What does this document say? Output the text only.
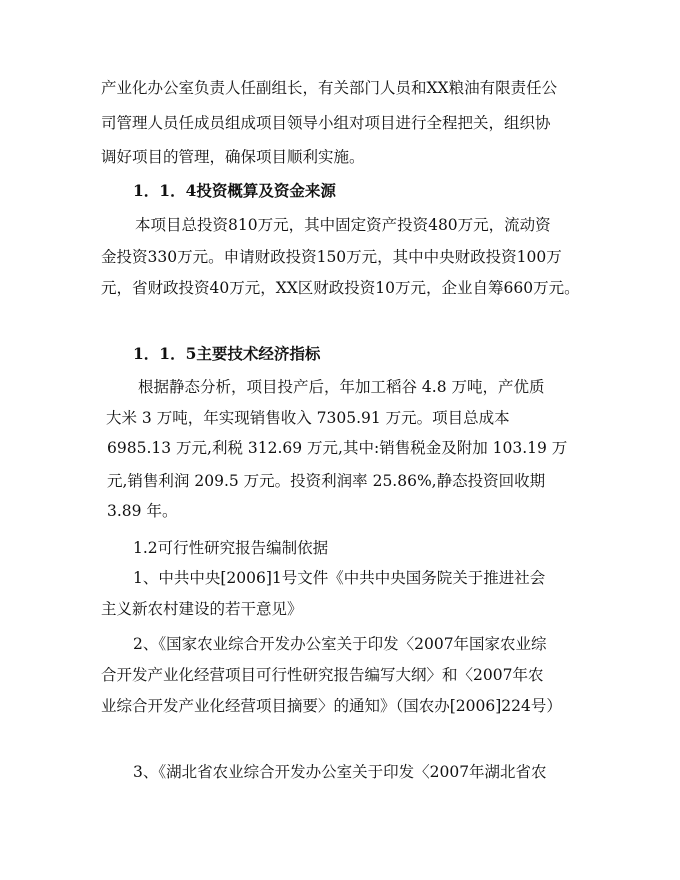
产业化办公室负责人任副组长，有关部门人员和XX粮油有限责任公
司管理人员任成员组成项目领导小组对项目进行全程把关，组织协
调好项目的管理，确保项目顺利实施。
1．1．4投资概算及资金来源
本项目总投资810万元，其中固定资产投资480万元，流动资
金投资330万元。申请财政投资150万元，其中中央财政投资100万
元，省财政投资40万元，XX区财政投资10万元，企业自筹660万元。
1．1．5主要技术经济指标
根据静态分析，项目投产后，年加工稻谷 4.8 万吨，产优质
大米 3 万吨，年实现销售收入 7305.91 万元。项目总成本
6985.13 万元,利税 312.69 万元,其中:销售税金及附加 103.19 万
元,销售利润 209.5 万元。投资利润率 25.86%,静态投资回收期
3.89 年。
1.2可行性研究报告编制依据
1、中共中央[2006]1号文件《中共中央国务院关于推进社会
主义新农村建设的若干意见》
2、《国家农业综合开发办公室关于印发〈2007年国家农业综
合开发产业化经营项目可行性研究报告编写大纲〉和〈2007年农
业综合开发产业化经营项目摘要〉的通知》（国农办[2006]224号）
3、《湖北省农业综合开发办公室关于印发〈2007年湖北省农
